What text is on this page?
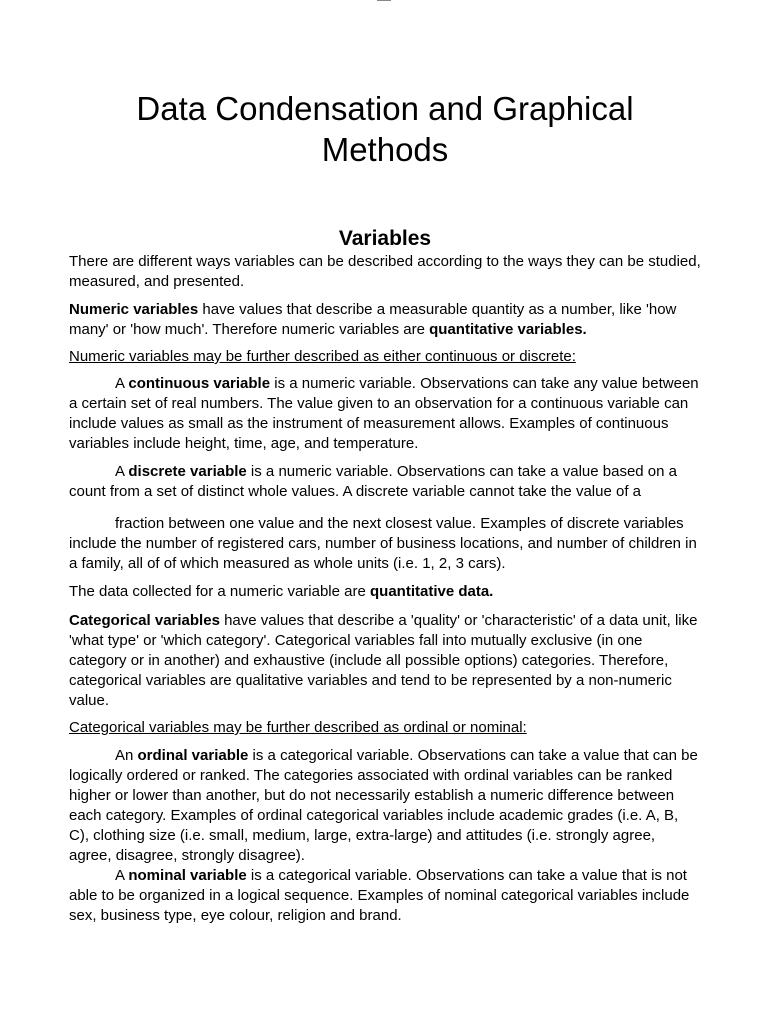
Data Condensation and Graphical Methods
Variables

There are different ways variables can be described according to the ways they can be studied, measured, and presented.

Numeric variables have values that describe a measurable quantity as a number, like 'how many' or 'how much'. Therefore numeric variables are quantitative variables.

Numeric variables may be further described as either continuous or discrete:

A continuous variable is a numeric variable. Observations can take any value between a certain set of real numbers. The value given to an observation for a continuous variable can include values as small as the instrument of measurement allows. Examples of continuous variables include height, time, age, and temperature.

A discrete variable is a numeric variable. Observations can take a value based on a count from a set of distinct whole values. A discrete variable cannot take the value of a

fraction between one value and the next closest value. Examples of discrete variables include the number of registered cars, number of business locations, and number of children in a family, all of of which measured as whole units (i.e. 1, 2, 3 cars).

The data collected for a numeric variable are quantitative data.

Categorical variables have values that describe a 'quality' or 'characteristic' of a data unit, like 'what type' or 'which category'. Categorical variables fall into mutually exclusive (in one category or in another) and exhaustive (include all possible options) categories. Therefore, categorical variables are qualitative variables and tend to be represented by a non-numeric value.

Categorical variables may be further described as ordinal or nominal:

An ordinal variable is a categorical variable. Observations can take a value that can be logically ordered or ranked. The categories associated with ordinal variables can be ranked higher or lower than another, but do not necessarily establish a numeric difference between each category. Examples of ordinal categorical variables include academic grades (i.e. A, B, C), clothing size (i.e. small, medium, large, extra-large) and attitudes (i.e. strongly agree, agree, disagree, strongly disagree).

A nominal variable is a categorical variable. Observations can take a value that is not able to be organized in a logical sequence. Examples of nominal categorical variables include sex, business type, eye colour, religion and brand.
